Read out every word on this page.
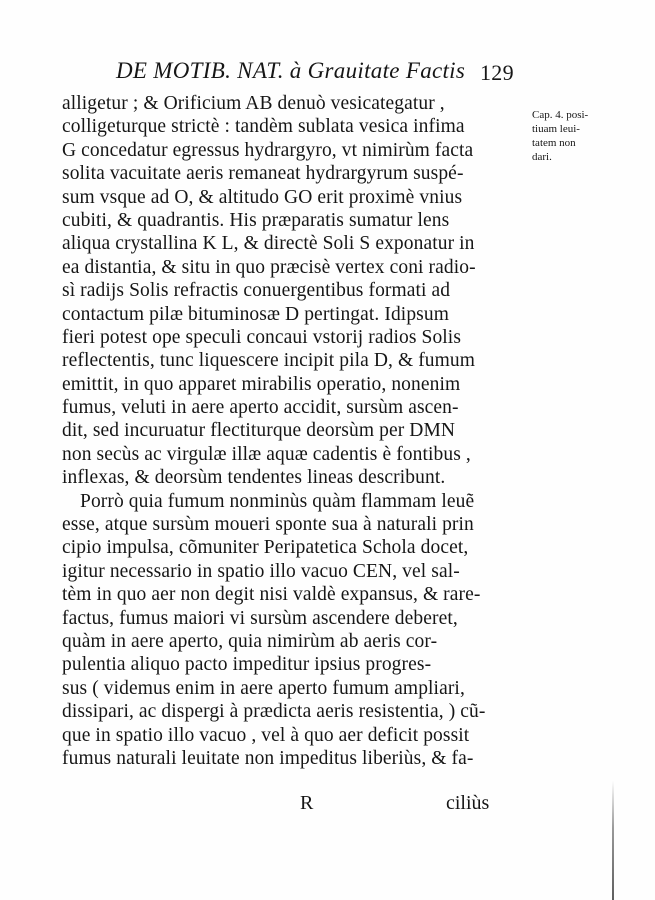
DE MOTIB. NAT. à Grauitate Factis 129
Cap. 4. posi-
tiuam leui-
tatem non
dari.
alligetur ; & Orificium AB denuò vesicategatur ,
colligeturque strictè : tandèm sublata vesica infima
G concedatur egressus hydrargyro, vt nimirùm facta
solita vacuitate aeris remaneat hydrargyrum suspé-
sum vsque ad O, & altitudo GO erit proximè vnius
cubiti, & quadrantis. His præparatis sumatur lens
aliqua crystallina K L, & directè Soli S exponatur in
ea distantia, & situ in quo præcisè vertex coni radio-
sì radijs Solis refractis conuergentibus formati ad
contactum pilæ bituminosæ D pertingat. Idipsum
fieri potest ope speculi concaui vstorij radios Solis
reflectentis, tunc liquescere incipit pila D, & fumum
emittit, in quo apparet mirabilis operatio, nonenim
fumus, veluti in aere aperto accidit, sursùm ascen-
dit, sed incuruatur flectiturque deorsùm per DMN
non secùs ac virgulæ illæ aquæ cadentis è fontibus ,
inflexas, & deorsùm tendentes lineas describunt.
Porrò quia fumum nonminùs quàm flammam leuẽ
esse, atque sursùm moueri sponte sua à naturali prin
cipio impulsa, cõmuniter Peripatetica Schola docet,
igitur necessario in spatio illo vacuo CEN, vel sal-
tèm in quo aer non degit nisi valdè expansus, & rare-
factus, fumus maiori vi sursùm ascendere deberet,
quàm in aere aperto, quia nimirùm ab aeris cor-
pulentia aliquo pacto impeditur ipsius progres-
sus ( videmus enim in aere aperto fumum ampliari,
dissipari, ac dispergi à prædicta aeris resistentia, ) cũ-
que in spatio illo vacuo , vel à quo aer deficit possit
fumus naturali leuitate non impeditus liberiùs, & fa-
R	ciliùs
